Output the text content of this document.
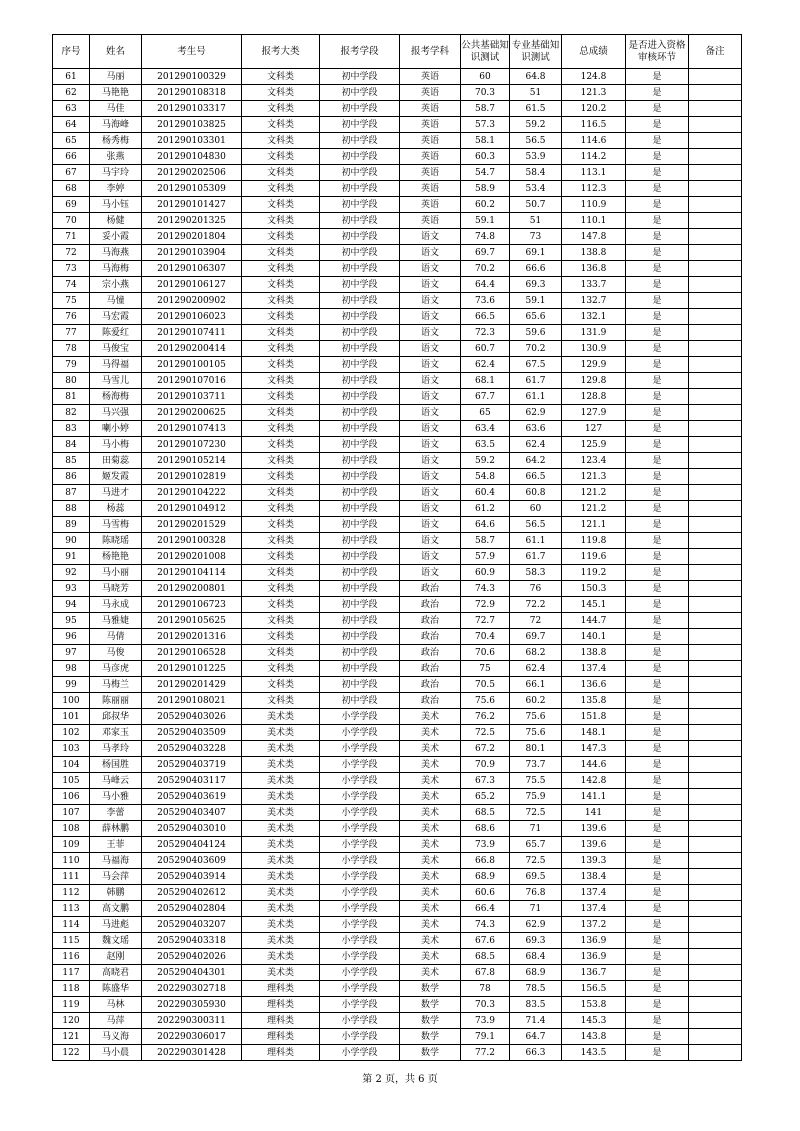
序号	姓名	考生号	报考大类	报考学段	报考学科	公共基础知识测试	专业基础知识测试	总成绩	是否进入资格审核环节	备注
61	马丽	201290100329	文科类	初中学段	英语	60	64.8	124.8	是	
62	马艳艳	201290108318	文科类	初中学段	英语	70.3	51	121.3	是	
63	马佳	201290103317	文科类	初中学段	英语	58.7	61.5	120.2	是	
64	马海峰	201290103825	文科类	初中学段	英语	57.3	59.2	116.5	是	
65	杨秀梅	201290103301	文科类	初中学段	英语	58.1	56.5	114.6	是	
66	张燕	201290104830	文科类	初中学段	英语	60.3	53.9	114.2	是	
67	马宇玲	201290202506	文科类	初中学段	英语	54.7	58.4	113.1	是	
68	李婷	201290105309	文科类	初中学段	英语	58.9	53.4	112.3	是	
69	马小钰	201290101427	文科类	初中学段	英语	60.2	50.7	110.9	是	
70	杨健	201290201325	文科类	初中学段	英语	59.1	51	110.1	是	
71	妥小霞	201290201804	文科类	初中学段	语文	74.8	73	147.8	是	
72	马海燕	201290103904	文科类	初中学段	语文	69.7	69.1	138.8	是	
73	马海梅	201290106307	文科类	初中学段	语文	70.2	66.6	136.8	是	
74	宗小燕	201290106127	文科类	初中学段	语文	64.4	69.3	133.7	是	
75	马憧	201290200902	文科类	初中学段	语文	73.6	59.1	132.7	是	
76	马宏霞	201290106023	文科类	初中学段	语文	66.5	65.6	132.1	是	
77	陈爱红	201290107411	文科类	初中学段	语文	72.3	59.6	131.9	是	
78	马俊宝	201290200414	文科类	初中学段	语文	60.7	70.2	130.9	是	
79	马得福	201290100105	文科类	初中学段	语文	62.4	67.5	129.9	是	
80	马雪儿	201290107016	文科类	初中学段	语文	68.1	61.7	129.8	是	
81	杨海梅	201290103711	文科类	初中学段	语文	67.7	61.1	128.8	是	
82	马兴强	201290200625	文科类	初中学段	语文	65	62.9	127.9	是	
83	喇小婷	201290107413	文科类	初中学段	语文	63.4	63.6	127	是	
84	马小梅	201290107230	文科类	初中学段	语文	63.5	62.4	125.9	是	
85	田菊蕊	201290105214	文科类	初中学段	语文	59.2	64.2	123.4	是	
86	姬发霞	201290102819	文科类	初中学段	语文	54.8	66.5	121.3	是	
87	马进才	201290104222	文科类	初中学段	语文	60.4	60.8	121.2	是	
88	杨蕊	201290104912	文科类	初中学段	语文	61.2	60	121.2	是	
89	马雪梅	201290201529	文科类	初中学段	语文	64.6	56.5	121.1	是	
90	陈晓瑶	201290100328	文科类	初中学段	语文	58.7	61.1	119.8	是	
91	杨艳艳	201290201008	文科类	初中学段	语文	57.9	61.7	119.6	是	
92	马小丽	201290104114	文科类	初中学段	语文	60.9	58.3	119.2	是	
93	马晓芳	201290200801	文科类	初中学段	政治	74.3	76	150.3	是	
94	马永成	201290106723	文科类	初中学段	政治	72.9	72.2	145.1	是	
95	马雅婕	201290105625	文科类	初中学段	政治	72.7	72	144.7	是	
96	马倩	201290201316	文科类	初中学段	政治	70.4	69.7	140.1	是	
97	马俊	201290106528	文科类	初中学段	政治	70.6	68.2	138.8	是	
98	马彦虎	201290101225	文科类	初中学段	政治	75	62.4	137.4	是	
99	马梅兰	201290201429	文科类	初中学段	政治	70.5	66.1	136.6	是	
100	陈丽丽	201290108021	文科类	初中学段	政治	75.6	60.2	135.8	是	
101	邱叔华	205290403026	美术类	小学学段	美术	76.2	75.6	151.8	是	
102	邓家玉	205290403509	美术类	小学学段	美术	72.5	75.6	148.1	是	
103	马孝玲	205290403228	美术类	小学学段	美术	67.2	80.1	147.3	是	
104	杨国胜	205290403719	美术类	小学学段	美术	70.9	73.7	144.6	是	
105	马峰云	205290403117	美术类	小学学段	美术	67.3	75.5	142.8	是	
106	马小雅	205290403619	美术类	小学学段	美术	65.2	75.9	141.1	是	
107	李蕾	205290403407	美术类	小学学段	美术	68.5	72.5	141	是	
108	薛林鹏	205290403010	美术类	小学学段	美术	68.6	71	139.6	是	
109	王菲	205290404124	美术类	小学学段	美术	73.9	65.7	139.6	是	
110	马福海	205290403609	美术类	小学学段	美术	66.8	72.5	139.3	是	
111	马会萍	205290403914	美术类	小学学段	美术	68.9	69.5	138.4	是	
112	韩鹏	205290402612	美术类	小学学段	美术	60.6	76.8	137.4	是	
113	高文鹏	205290402804	美术类	小学学段	美术	66.4	71	137.4	是	
114	马进彪	205290403207	美术类	小学学段	美术	74.3	62.9	137.2	是	
115	魏文瑶	205290403318	美术类	小学学段	美术	67.6	69.3	136.9	是	
116	赵刚	205290402026	美术类	小学学段	美术	68.5	68.4	136.9	是	
117	高晓君	205290404301	美术类	小学学段	美术	67.8	68.9	136.7	是	
118	陈盛华	202290302718	理科类	小学学段	数学	78	78.5	156.5	是	
119	马林	202290305930	理科类	小学学段	数学	70.3	83.5	153.8	是	
120	马萍	202290300311	理科类	小学学段	数学	73.9	71.4	145.3	是	
121	马义海	202290306017	理科类	小学学段	数学	79.1	64.7	143.8	是	
122	马小晨	202290301428	理科类	小学学段	数学	77.2	66.3	143.5	是	
第 2 页，共 6 页
